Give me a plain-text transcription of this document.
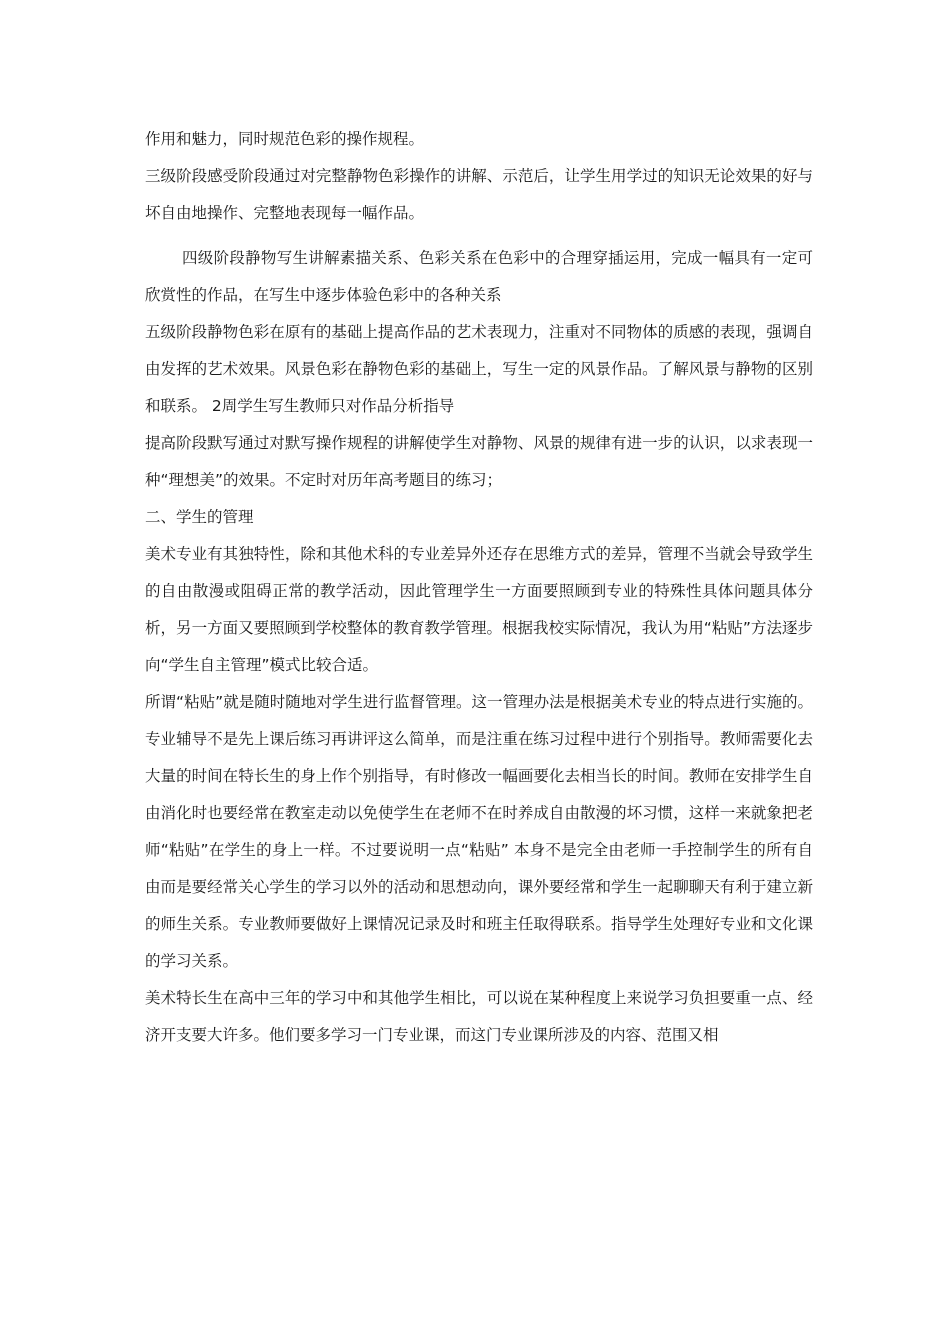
作用和魅力，同时规范色彩的操作规程。

三级阶段感受阶段通过对完整静物色彩操作的讲解、示范后，让学生用学过的知识无论效果的好与坏自由地操作、完整地表现每一幅作品。

四级阶段静物写生讲解素描关系、色彩关系在色彩中的合理穿插运用，完成一幅具有一定可欣赏性的作品，在写生中逐步体验色彩中的各种关系

五级阶段静物色彩在原有的基础上提高作品的艺术表现力，注重对不同物体的质感的表现，强调自由发挥的艺术效果。风景色彩在静物色彩的基础上，写生一定的风景作品。了解风景与静物的区别和联系。 2周学生写生教师只对作品分析指导

提高阶段默写通过对默写操作规程的讲解使学生对静物、风景的规律有进一步的认识，以求表现一种“理想美”的效果。不定时对历年高考题目的练习；

二、学生的管理

美术专业有其独特性，除和其他术科的专业差异外还存在思维方式的差异，管理不当就会导致学生的自由散漫或阻碍正常的教学活动，因此管理学生一方面要照顾到专业的特殊性具体问题具体分析，另一方面又要照顾到学校整体的教育教学管理。根据我校实际情况，我认为用“粘贴”方法逐步向“学生自主管理”模式比较合适。

所谓“粘贴”就是随时随地对学生进行监督管理。这一管理办法是根据美术专业的特点进行实施的。专业辅导不是先上课后练习再讲评这么简单，而是注重在练习过程中进行个别指导。教师需要化去大量的时间在特长生的身上作个别指导，有时修改一幅画要化去相当长的时间。教师在安排学生自由消化时也要经常在教室走动以免使学生在老师不在时养成自由散漫的坏习惯，这样一来就象把老师“粘贴”在学生的身上一样。不过要说明一点“粘贴” 本身不是完全由老师一手控制学生的所有自由而是要经常关心学生的学习以外的活动和思想动向，课外要经常和学生一起聊聊天有利于建立新的师生关系。专业教师要做好上课情况记录及时和班主任取得联系。指导学生处理好专业和文化课的学习关系。

美术特长生在高中三年的学习中和其他学生相比，可以说在某种程度上来说学习负担要重一点、经济开支要大许多。他们要多学习一门专业课，而这门专业课所涉及的内容、范围又相
